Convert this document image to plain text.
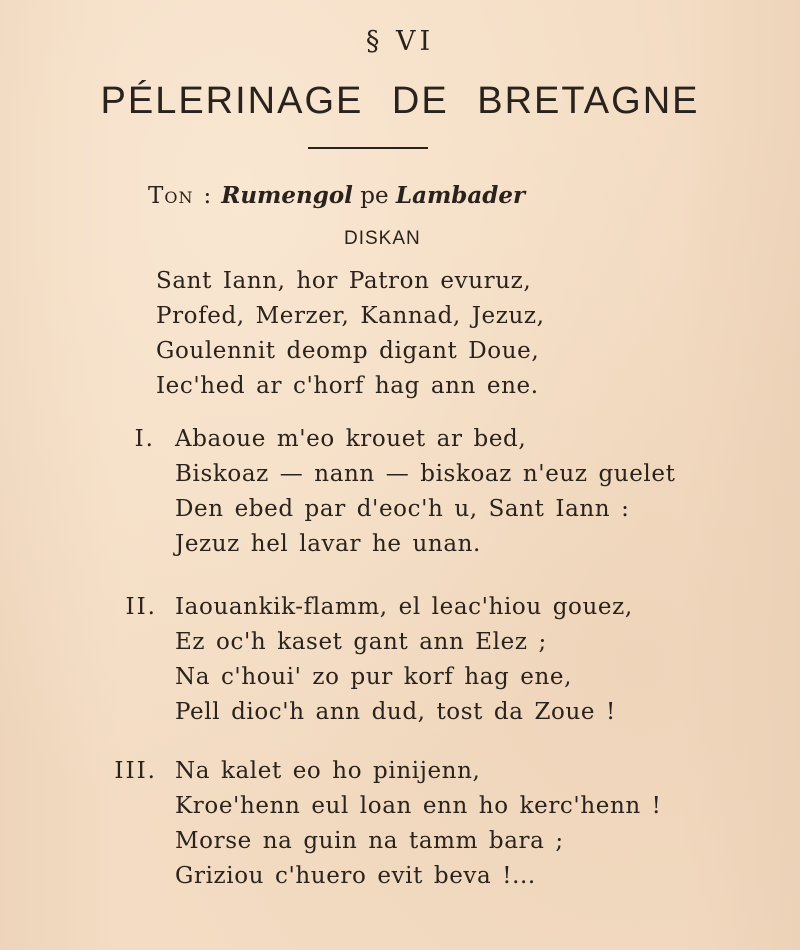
§ VI
PÉLERINAGE DE BRETAGNE
Ton : Rumengol pe Lambader
DISKAN
Sant Iann, hor Patron evuruz,
Profed, Merzer, Kannad, Jezuz,
Goulennit deomp digant Doue,
Iec'hed ar c'horf hag ann ene.
I. Abaoue m'eo krouet ar bed,
Biskoaz — nann — biskoaz n'euz guelet
Den ebed par d'eoc'h u, Sant Iann :
Jezuz hel lavar he unan.
II. Iaouankik-flamm, el leac'hiou gouez,
Ez oc'h kaset gant ann Elez ;
Na c'houi' zo pur korf hag ene,
Pell dioc'h ann dud, tost da Zoue !
III. Na kalet eo ho pinijenn,
Kroe'henn eul loan enn ho kerc'henn !
Morse na guin na tamm bara ;
Griziou c'huero evit beva !...
